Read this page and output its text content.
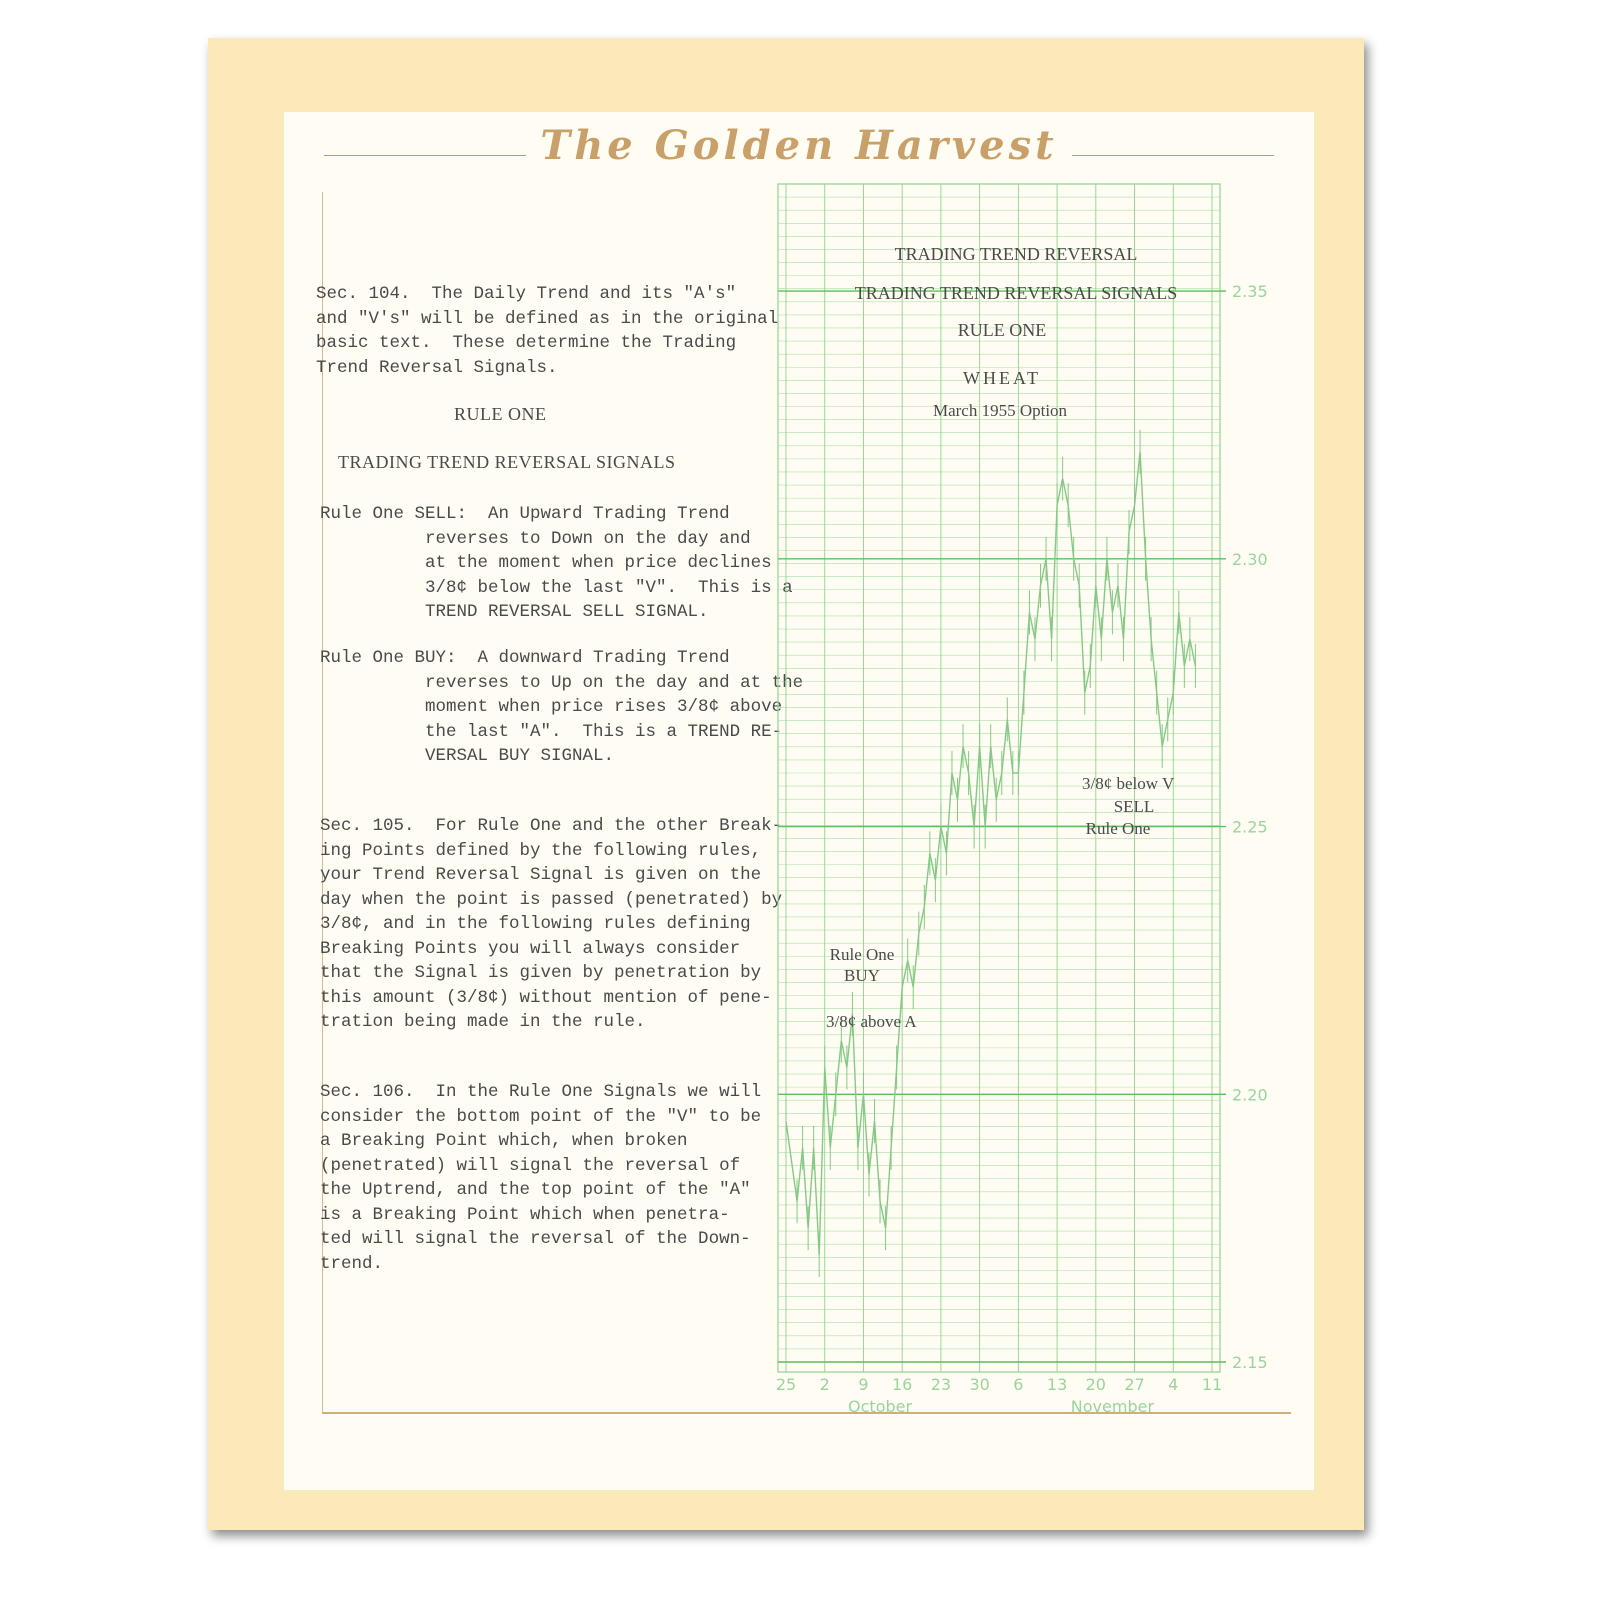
The Golden Harvest
Sec. 104.  The Daily Trend and its "A's"
and "V's" will be defined as in the original
basic text.  These determine the Trading
Trend Reversal Signals.
RULE ONE
TRADING TREND REVERSAL SIGNALS
Rule One SELL:  An Upward Trading Trend
reverses to Down on the day and
at the moment when price declines
3/8¢ below the last "V".  This is a
TREND REVERSAL SELL SIGNAL.
Rule One BUY:  A downward Trading Trend
reverses to Up on the day and at the
moment when price rises 3/8¢ above
the last "A".  This is a TREND RE-
VERSAL BUY SIGNAL.
Sec. 105.  For Rule One and the other Break-
ing Points defined by the following rules,
your Trend Reversal Signal is given on the
day when the point is passed (penetrated) by
3/8¢, and in the following rules defining
Breaking Points you will always consider
that the Signal is given by penetration by
this amount (3/8¢) without mention of pene-
tration being made in the rule.
Sec. 106.  In the Rule One Signals we will
consider the bottom point of the "V" to be
a Breaking Point which, when broken
(penetrated) will signal the reversal of
the Uptrend, and the top point of the "A"
is a Breaking Point which when penetra-
ted will signal the reversal of the Down-
trend.
2.35
2.30
2.25
2.20
2.15
25 2 9 16 23 30 6 13 20 27 4 11
October	November
TRADING TREND REVERSAL
TRADING TREND REVERSAL SIGNALS
RULE ONE
WHEAT
March 1955 Option
Rule One
BUY
3/8¢ above A
3/8¢ below V
SELL
Rule One
